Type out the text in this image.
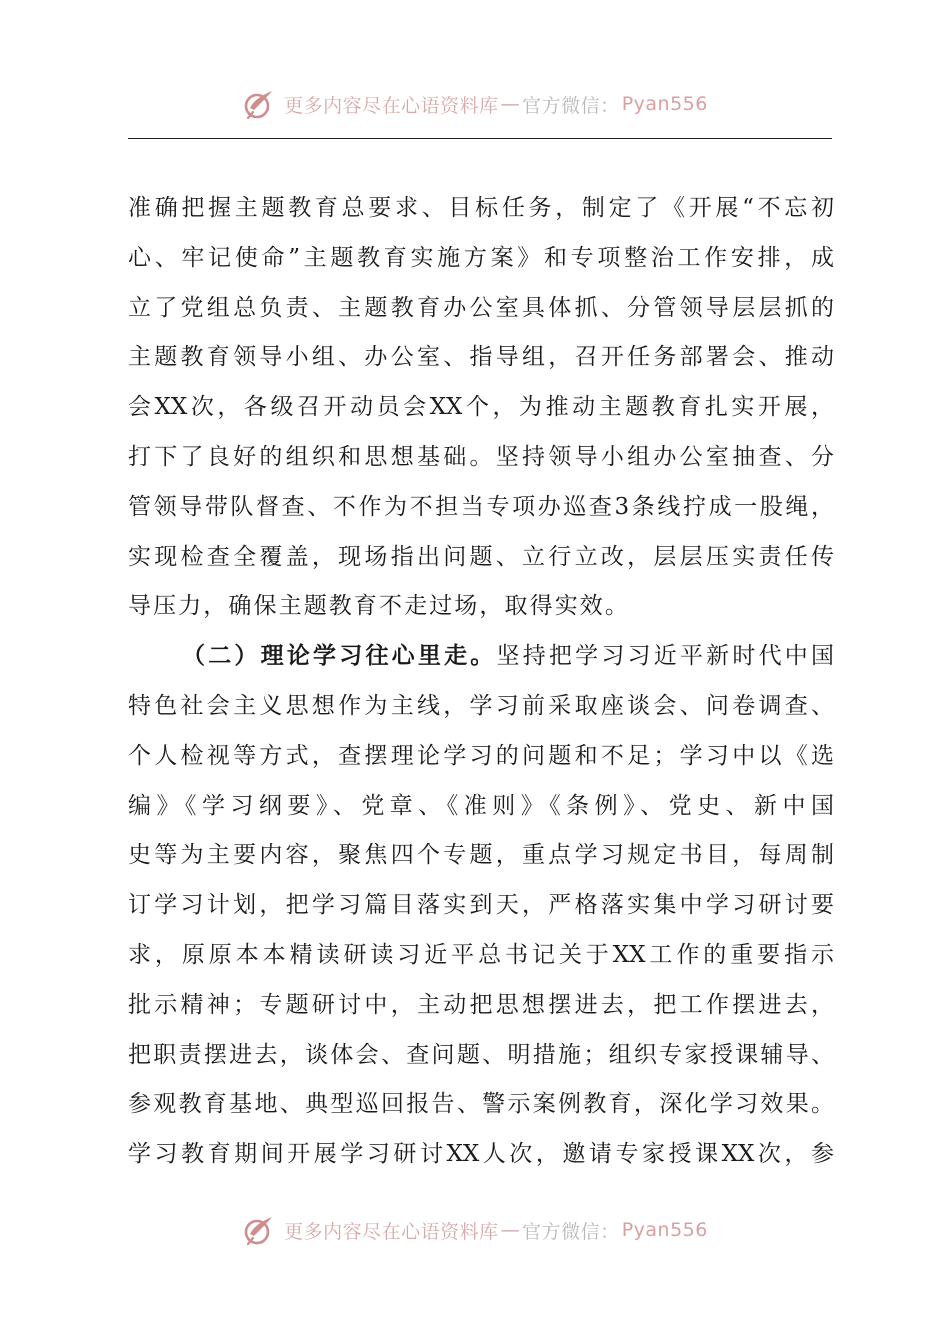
更多内容尽在心语资料库 — 官方微信： Pyan556
准确把握主题教育总要求、目标任务，制定了《开展“不忘初
心、牢记使命”主题教育实施方案》和专项整治工作安排，成
立了党组总负责、主题教育办公室具体抓、分管领导层层抓的
主题教育领导小组、办公室、指导组，召开任务部署会、推动
会XX次，各级召开动员会XX个，为推动主题教育扎实开展，
打下了良好的组织和思想基础。坚持领导小组办公室抽查、分
管领导带队督查、不作为不担当专项办巡查3条线拧成一股绳，
实现检查全覆盖，现场指出问题、立行立改，层层压实责任传
导压力，确保主题教育不走过场，取得实效。
（二）理论学习往心里走。坚持把学习习近平新时代中国
特色社会主义思想作为主线，学习前采取座谈会、问卷调查、
个人检视等方式，查摆理论学习的问题和不足；学习中以《选
编》《学习纲要》、党章、《准则》《条例》、党史、新中国
史等为主要内容，聚焦四个专题，重点学习规定书目，每周制
订学习计划，把学习篇目落实到天，严格落实集中学习研讨要
求，原原本本精读研读习近平总书记关于XX工作的重要指示
批示精神；专题研讨中，主动把思想摆进去，把工作摆进去，
把职责摆进去，谈体会、查问题、明措施；组织专家授课辅导、
参观教育基地、典型巡回报告、警示案例教育，深化学习效果。
学习教育期间开展学习研讨XX人次，邀请专家授课XX次，参
更多内容尽在心语资料库 — 官方微信： Pyan556
